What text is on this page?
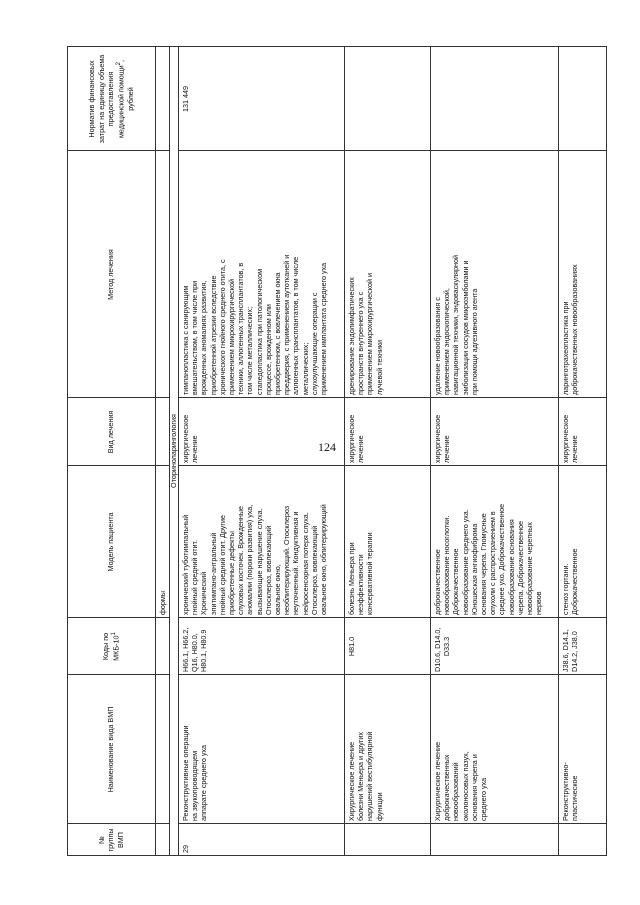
124
№ группы ВМП
Наименование вида ВМП
Коды по МКБ-$10^1$
Модель пациента
Вид лечения
Метод лечения
Норматив финансовых затрат на единицу объема предоставления медицинской помощи$^2$, рублей
формы
Оториноларингология
29
Реконструктивные операции на звукопроводящем аппарате среднего уха
H66.1, H66.2, Q16, H80.0, H80.1, H80.9
хронический туботимпальный гнойный средний отит. Хронический эпитимпано-антральный гнойный средний отит. Другие приобретенные дефекты слуховых косточек. Врожденные аномалии (пороки развития) уха, вызывающие нарушение слуха. Отосклероз, вовлекающий овальное окно, необлитерирующий. Отосклероз неуточненный. Кондуктивная и нейросенсорная потеря слуха. Отосклероз, вовлекающий овальное окно, облитерирующий
хирургическое лечение
тимпанопластика с санирующим вмешательством, в том числе при врожденных аномалиях развития, приобретенной атрезии вследствие хронического гнойного среднего отита, с применением микрохирургической техники, аллогенных трансплантатов, в том числе металлических; стапедопластика при патологическом процессе, врожденном или приобретенном, с вовлечением окна преддверия, с применением аутотканей и аллогенных трансплантатов, в том числе металлических; слухоулучшающие операции с применением имплантата среднего уха
131 449
Хирургическое лечение болезни Меньера и других нарушений вестибулярной функции
H81.0
болезнь Меньера при неэффективности консервативной терапии
хирургическое лечение
дренирование эндолимфатических пространств внутреннего уха с применением микрохирургической и лучевой техники
Хирургическое лечение доброкачественных новообразований околоносовых пазух, основания черепа и среднего уха
D10.6, D14.0, D33.3
доброкачественное новообразование носоглотки. Доброкачественное новообразование среднего уха. Юношеская ангиофиброма основания черепа. Гломусные опухоли с распространением в среднее ухо. Доброкачественное новообразование основания черепа. Доброкачественное новообразование черепных нервов
хирургическое лечение
удаление новообразования с применением эндоскопической, навигационной техники, эндоваскулярной эмболизации сосудов микроэмболами и при помощи адгезивного агента
Реконструктивно- пластическое
J38.6, D14.1, D14.2, J38.0
стеноз гортани. Доброкачественное
хирургическое лечение
ларинготрахеопластика при доброкачественных новообразованиях
